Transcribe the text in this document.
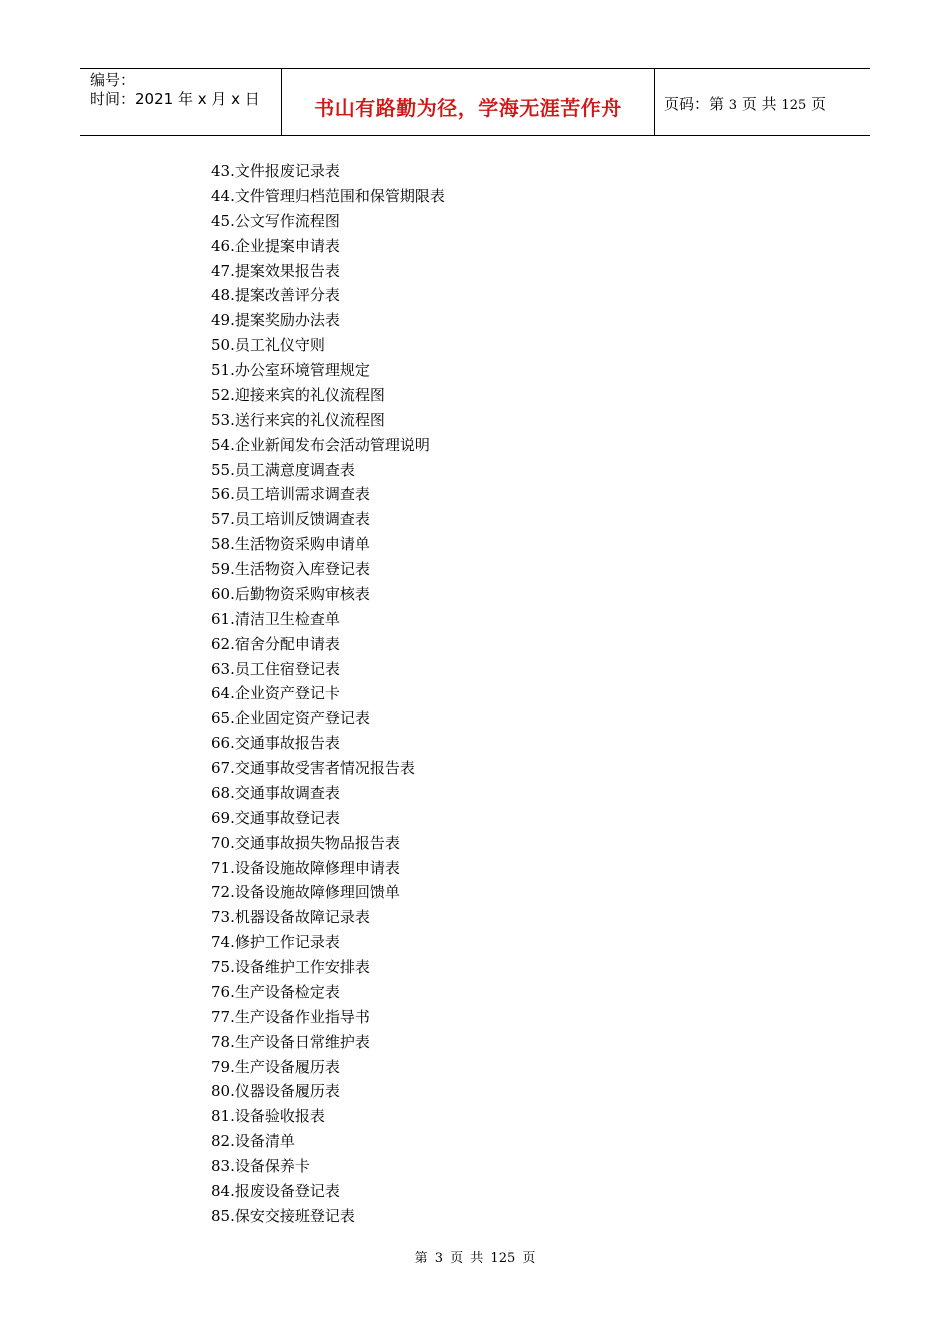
编号：
时间：2021 年 x 月 x 日	书山有路勤为径，学海无涯苦作舟	页码：第 3 页 共 125 页
43.文件报废记录表
44.文件管理归档范围和保管期限表
45.公文写作流程图
46.企业提案申请表
47.提案效果报告表
48.提案改善评分表
49.提案奖励办法表
50.员工礼仪守则
51.办公室环境管理规定
52.迎接来宾的礼仪流程图
53.送行来宾的礼仪流程图
54.企业新闻发布会活动管理说明
55.员工满意度调查表
56.员工培训需求调查表
57.员工培训反馈调查表
58.生活物资采购申请单
59.生活物资入库登记表
60.后勤物资采购审核表
61.清洁卫生检查单
62.宿舍分配申请表
63.员工住宿登记表
64.企业资产登记卡
65.企业固定资产登记表
66.交通事故报告表
67.交通事故受害者情况报告表
68.交通事故调查表
69.交通事故登记表
70.交通事故损失物品报告表
71.设备设施故障修理申请表
72.设备设施故障修理回馈单
73.机器设备故障记录表
74.修护工作记录表
75.设备维护工作安排表
76.生产设备检定表
77.生产设备作业指导书
78.生产设备日常维护表
79.生产设备履历表
80.仪器设备履历表
81.设备验收报表
82.设备清单
83.设备保养卡
84.报废设备登记表
85.保安交接班登记表
第 3 页 共 125 页
